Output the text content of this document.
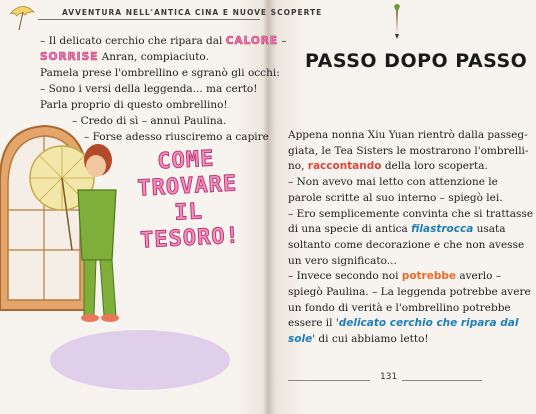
AVVENTURA NELL'ANTICA CINA E NUOVE SCOPERTE
– Il delicato cerchio che ripara dal CALORE –
SORRISE Anran, compiaciuto.
Pamela prese l'ombrellino e sgranò gli occhi:
– Sono i versi della leggenda... ma certo!
Parla proprio di questo ombrellino!
– Credo di sì – annuì Paulina.
– Forse adesso riusciremo a capire
COME
TROVARE IL
TESORO!
PASSO DOPO PASSO
Appena nonna Xiu Yuan rientrò dalla passeg-
giata, le Tea Sisters le mostrarono l'ombrelli-
no, raccontando della loro scoperta.
– Non avevo mai letto con attenzione le
parole scritte al suo interno – spiegò lei.
– Ero semplicemente convinta che si trattasse
di una specie di antica filastrocca usata
soltanto come decorazione e che non avesse
un vero significato...
– Invece secondo noi potrebbe averlo –
spiegò Paulina. – La leggenda potrebbe avere
un fondo di verità e l'ombrellino potrebbe
essere il 'delicato cerchio che ripara dal
sole' di cui abbiamo letto!
131
